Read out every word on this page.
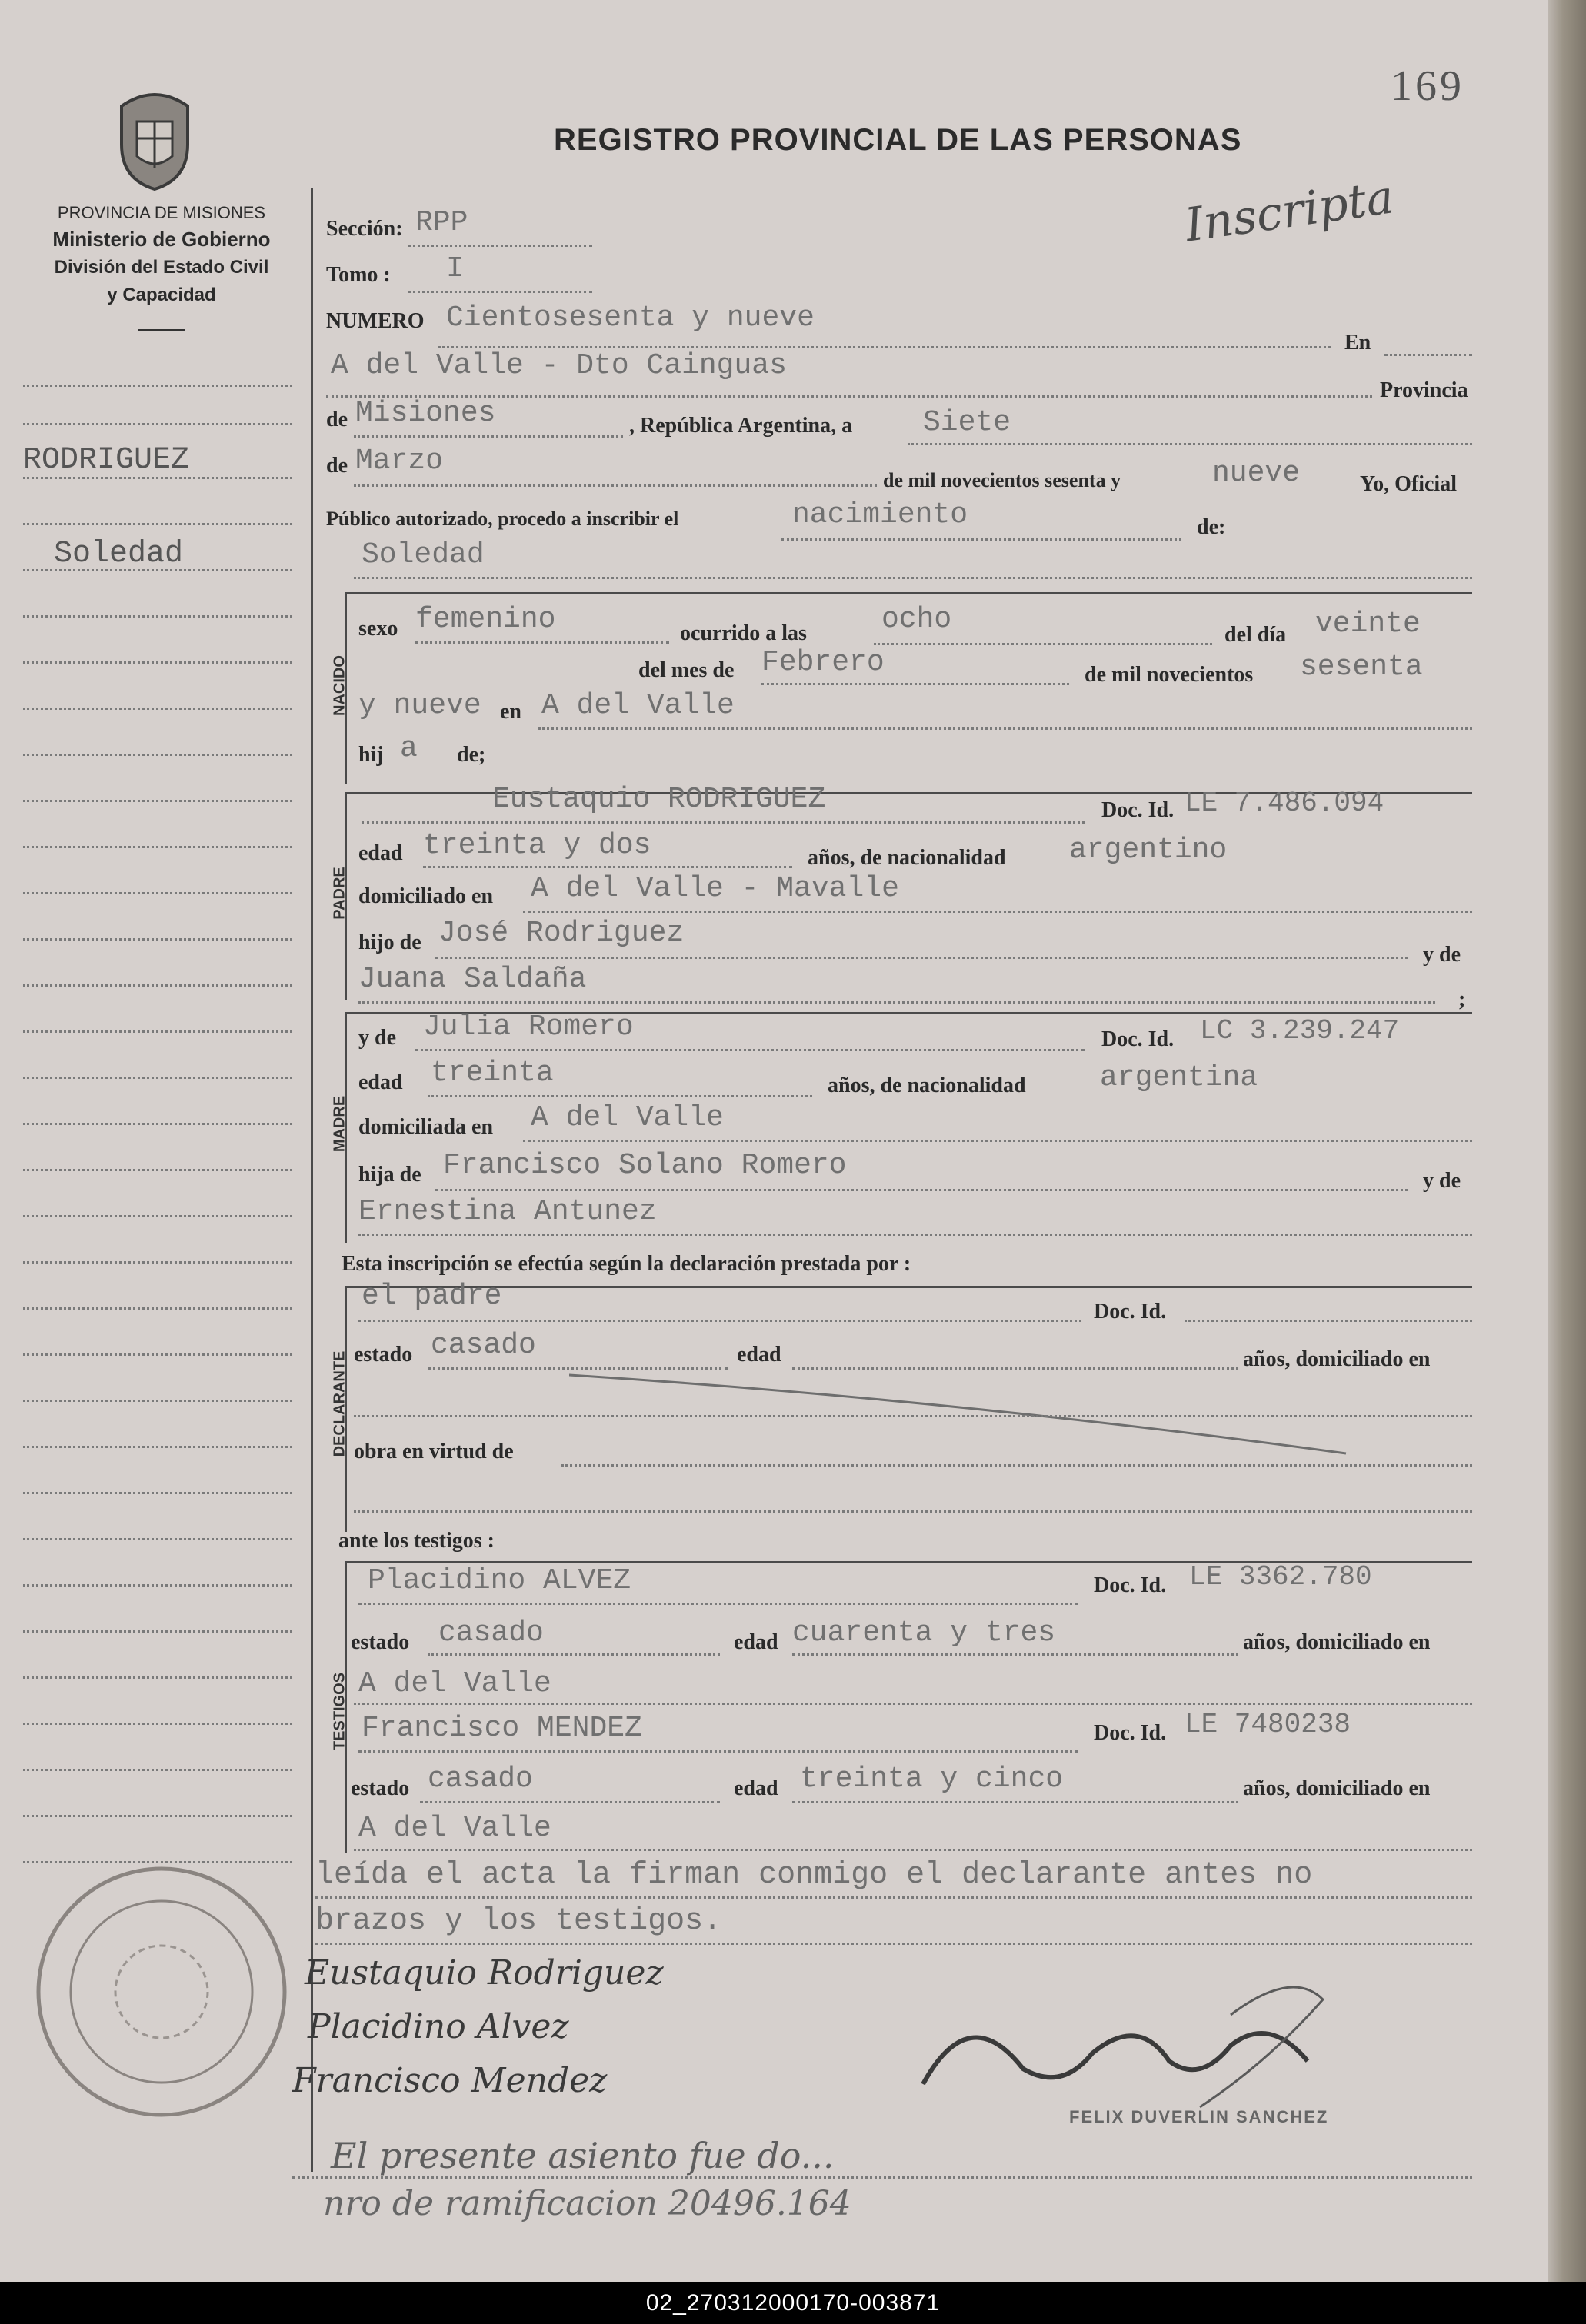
169
PROVINCIA DE MISIONES
Ministerio de Gobierno
División del Estado Civil
y Capacidad
REGISTRO PROVINCIAL DE LAS PERSONAS
Inscripta
RODRIGUEZ
Soledad
Sección: RPP
Tomo : I
NUMERO Cientosesenta y nueve
En
A del Valle - Dto Cainguas
Provincia
de Misiones	, República Argentina, a Siete
de Marzo
de mil novecientos sesenta y	nueve	Yo, Oficial
Público autorizado, procedo a inscribir el	nacimiento	de:
NACIDO
Soledad
sexo femenino	ocurrido a las	ocho	del día veinte
del mes de Febrero	de mil novecientos sesenta
y nueve en A del Valle
hij a de;
PADRE
Eustaquio RODRIGUEZ	Doc. Id. LE 7.486.094
edad treinta y dos	años, de nacionalidad argentino
domiciliado en A del Valle - Mavalle
hijo de José Rodriguez
y de
Juana Saldaña
;
MADRE
y de Julia Romero	Doc. Id. LC 3.239.247
edad treinta	años, de nacionalidad	argentina
domiciliada en A del Valle
hija de Francisco Solano Romero	y de
Ernestina Antunez
Esta inscripción se efectúa según la declaración prestada por :
DECLARANTE
el padre	Doc. Id.
estado casado	edad	años, domiciliado en
obra en virtud de
ante los testigos :
TESTIGOS
Placidino ALVEZ	Doc. Id. LE 3362.780
estado casado	edad cuarenta y tres	años, domiciliado en
A del Valle
Francisco MENDEZ	Doc. Id. LE 7480238
estado casado	edad treinta y cinco	años, domiciliado en
A del Valle
leída el acta la firman conmigo el declarante antes no
brazos y los testigos.
Eustaquio Rodriguez
Placidino Alvez
Francisco Mendez
FELIX DUVERLIN SANCHEZ
El presente asiento fue do...
nro de ramificacion 20496.164
02_270312000170-003871
